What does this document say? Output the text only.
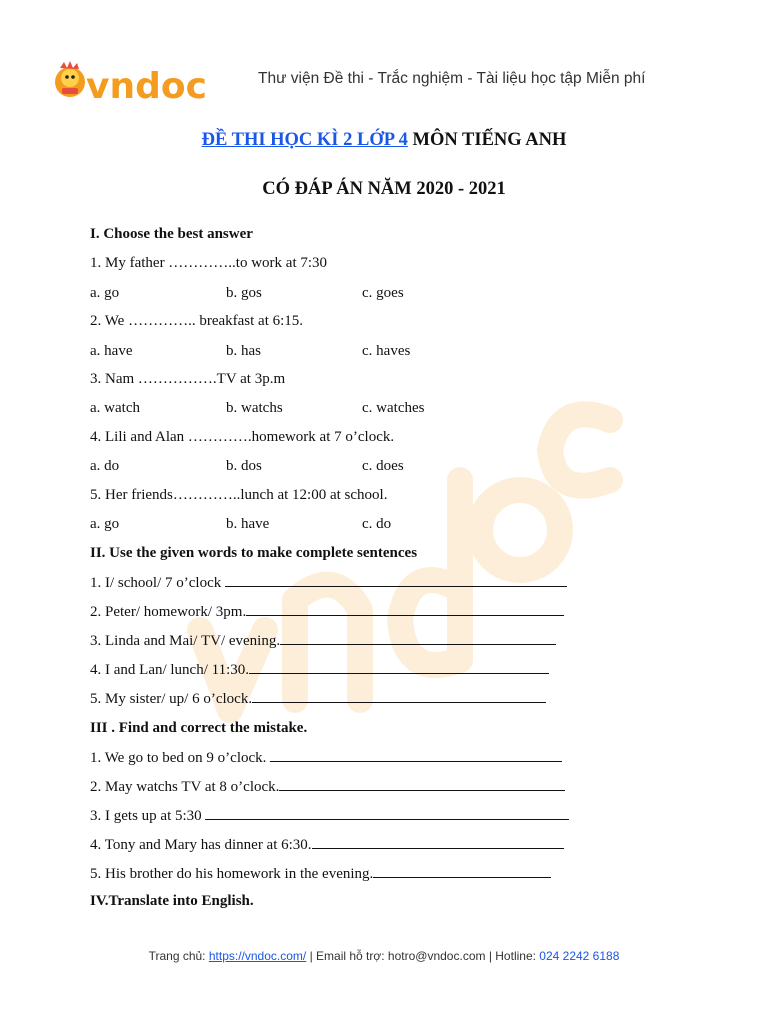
vndoc	Thư viện Đề thi - Trắc nghiệm - Tài liệu học tập Miễn phí
ĐỀ THI HỌC KÌ 2 LỚP 4 MÔN TIẾNG ANH
CÓ ĐÁP ÁN NĂM 2020 - 2021
I. Choose the best answer
1. My father …………..to work at 7:30
a. go	b. gos	c. goes
2. We ………….. breakfast at 6:15.
a. have	b. has	c. haves
3. Nam …………….TV at 3p.m
a. watch	b. watchs	c. watches
4. Lili and Alan ………….homework at 7 o’clock.
a. do	b. dos	c. does
5. Her friends…………..lunch at 12:00 at school.
a. go	b. have	c. do
II. Use the given words to make complete sentences
1. I/ school/ 7 o’clock
2. Peter/ homework/ 3pm.
3. Linda and Mai/ TV/ evening.
4. I and Lan/ lunch/ 11:30.
5. My sister/ up/ 6 o’clock.
III . Find and correct the mistake.
1. We go to bed on 9 o’clock.
2. May watchs TV at 8 o’clock.
3. I gets up at 5:30
4. Tony and Mary has dinner at 6:30.
5. His brother do his homework in the evening.
IV.Translate into English.
Trang chủ: https://vndoc.com/ | Email hỗ trợ: hotro@vndoc.com | Hotline: 024 2242 6188
